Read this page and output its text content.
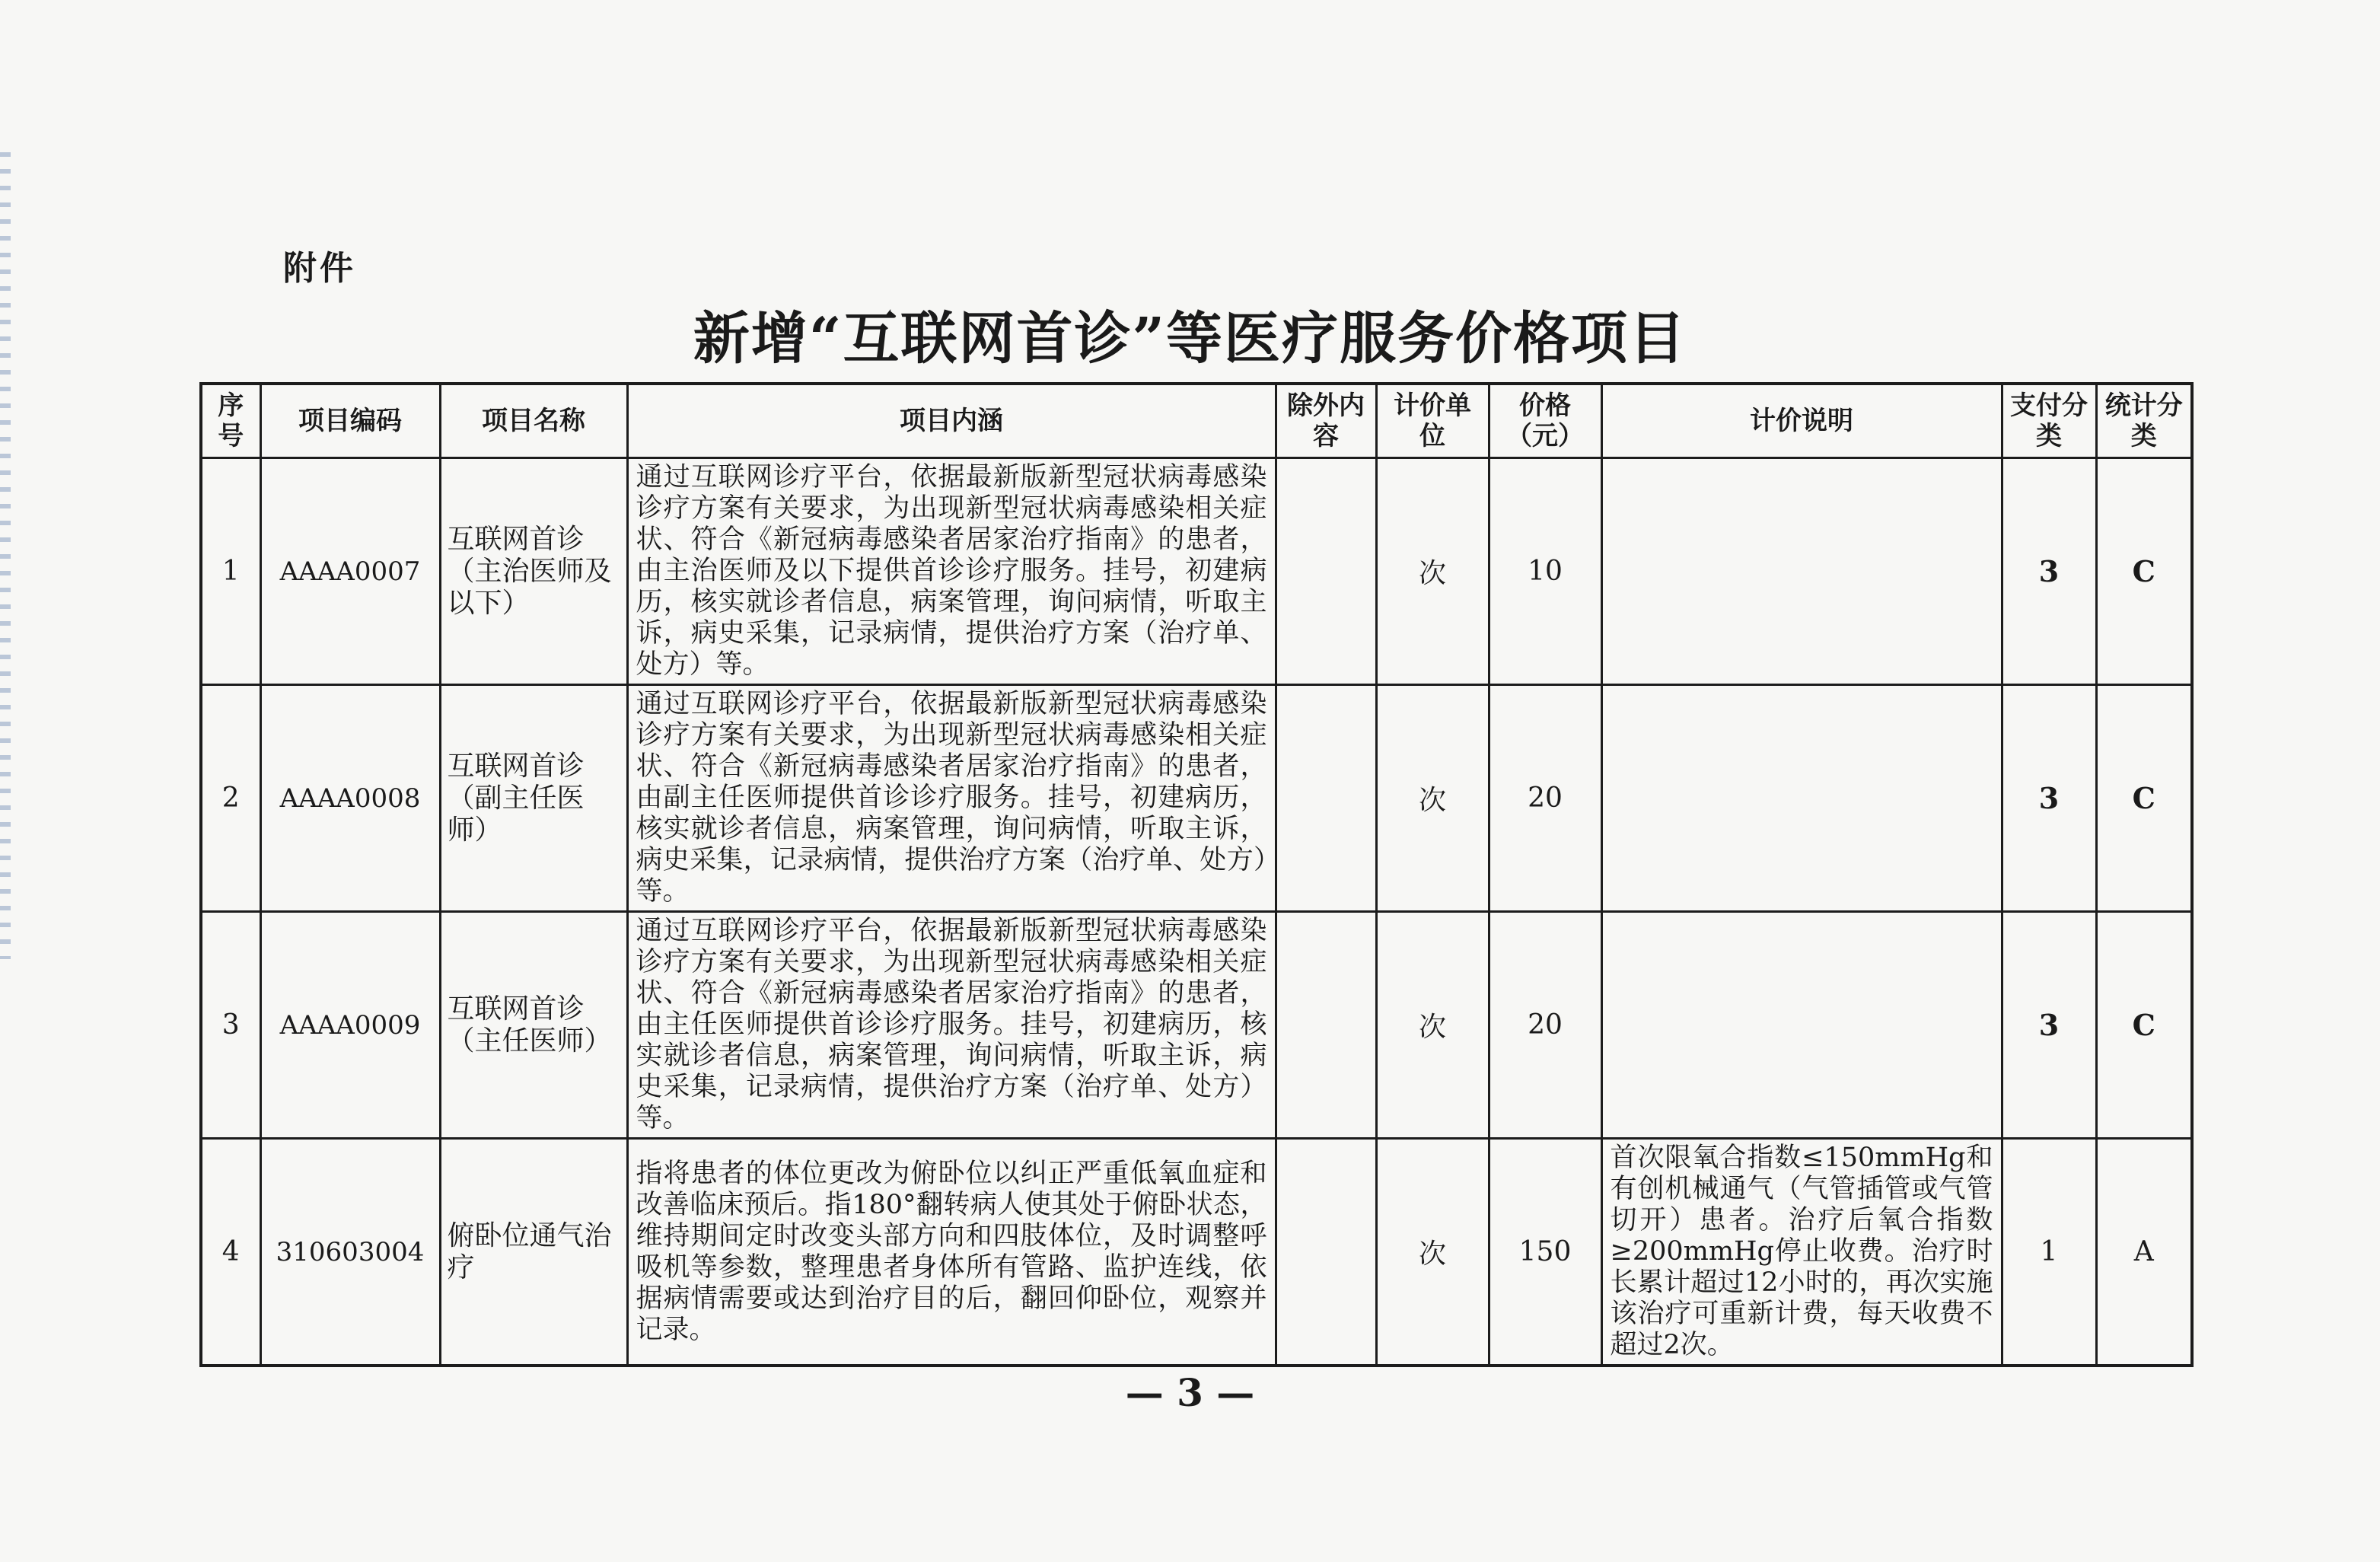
附件
新增“互联网首诊”等医疗服务价格项目
序号	项目编码	项目名称	项目内涵	除外内容	计价单位	价格（元）	计价说明	支付分类	统计分类
1	AAAA0007	互联网首诊（主治医师及以下）	通过互联网诊疗平台，依据最新版新型冠状病毒感染诊疗方案有关要求，为出现新型冠状病毒感染相关症状、符合《新冠病毒感染者居家治疗指南》的患者，由主治医师及以下提供首诊诊疗服务。挂号，初建病历，核实就诊者信息，病案管理，询问病情，听取主诉，病史采集，记录病情，提供治疗方案（治疗单、处方）等。		次	10		3	C
2	AAAA0008	互联网首诊（副主任医师）	通过互联网诊疗平台，依据最新版新型冠状病毒感染诊疗方案有关要求，为出现新型冠状病毒感染相关症状、符合《新冠病毒感染者居家治疗指南》的患者，由副主任医师提供首诊诊疗服务。挂号，初建病历，核实就诊者信息，病案管理，询问病情，听取主诉，病史采集，记录病情，提供治疗方案（治疗单、处方）等。		次	20		3	C
3	AAAA0009	互联网首诊（主任医师）	通过互联网诊疗平台，依据最新版新型冠状病毒感染诊疗方案有关要求，为出现新型冠状病毒感染相关症状、符合《新冠病毒感染者居家治疗指南》的患者，由主任医师提供首诊诊疗服务。挂号，初建病历，核实就诊者信息，病案管理，询问病情，听取主诉，病史采集，记录病情，提供治疗方案（治疗单、处方）等。		次	20		3	C
4	310603004	俯卧位通气治疗	指将患者的体位更改为俯卧位以纠正严重低氧血症和改善临床预后。指180°翻转病人使其处于俯卧状态，维持期间定时改变头部方向和四肢体位，及时调整呼吸机等参数，整理患者身体所有管路、监护连线，依据病情需要或达到治疗目的后，翻回仰卧位，观察并记录。		次	150	首次限氧合指数≤150mmHg和有创机械通气（气管插管或气管切开）患者。治疗后氧合指数≥200mmHg停止收费。治疗时长累计超过12小时的，再次实施该治疗可重新计费，每天收费不超过2次。	1	A
— 3 —
